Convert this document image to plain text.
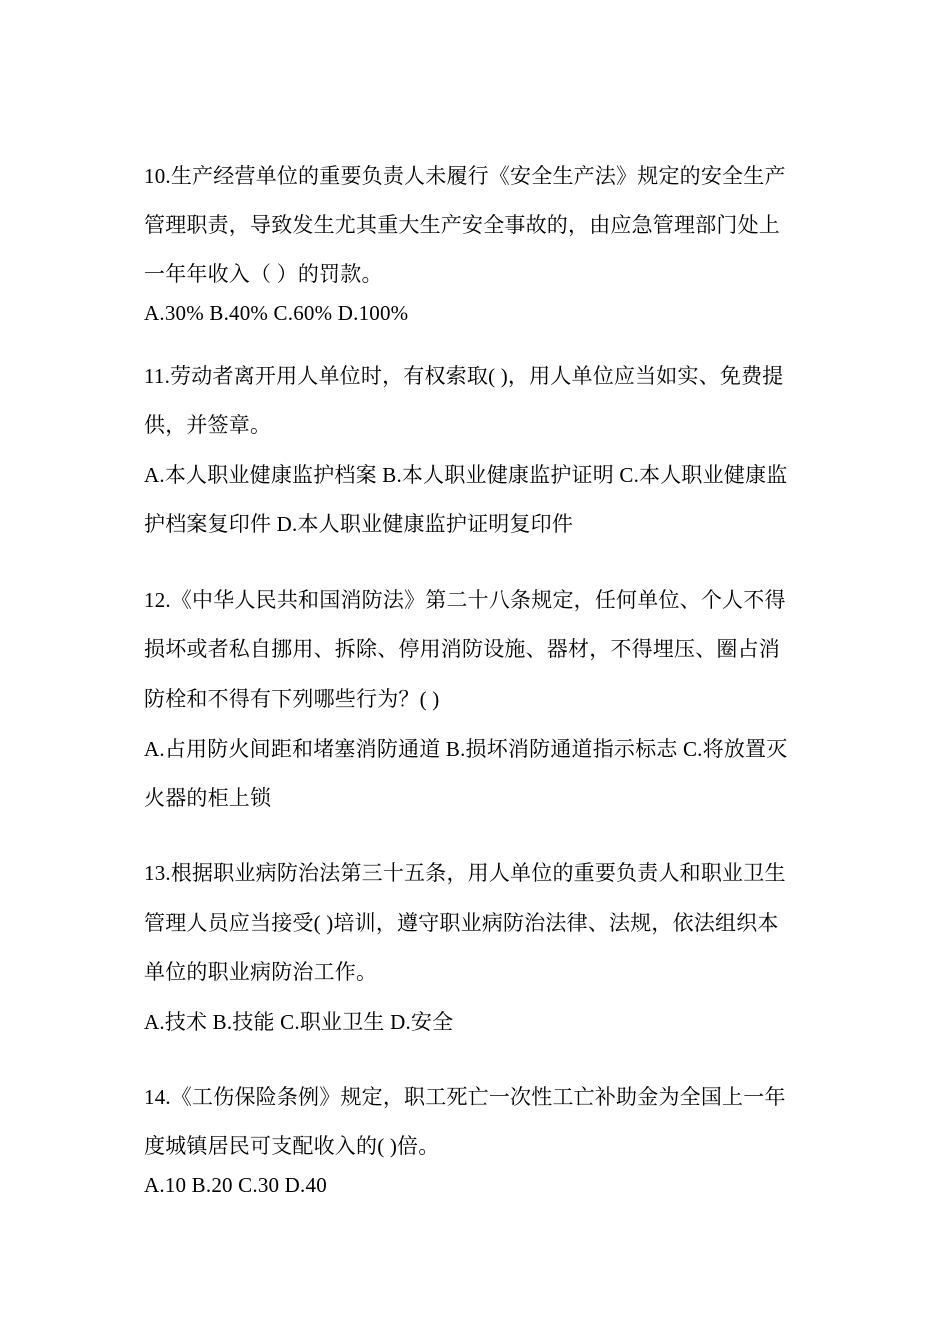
10.生产经营单位的重要负责人未履行《安全生产法》规定的安全生产
管理职责，导致发生尤其重大生产安全事故的，由应急管理部门处上
一年年收入（ ）的罚款。
A.30% B.40% C.60% D.100%
11.劳动者离开用人单位时，有权索取( )，用人单位应当如实、免费提
供，并签章。
A.本人职业健康监护档案 B.本人职业健康监护证明 C.本人职业健康监
护档案复印件 D.本人职业健康监护证明复印件
12.《中华人民共和国消防法》第二十八条规定，任何单位、个人不得
损坏或者私自挪用、拆除、停用消防设施、器材，不得埋压、圈占消
防栓和不得有下列哪些行为？( )
A.占用防火间距和堵塞消防通道 B.损坏消防通道指示标志 C.将放置灭
火器的柜上锁
13.根据职业病防治法第三十五条，用人单位的重要负责人和职业卫生
管理人员应当接受( )培训，遵守职业病防治法律、法规，依法组织本
单位的职业病防治工作。
A.技术 B.技能 C.职业卫生 D.安全
14.《工伤保险条例》规定，职工死亡一次性工亡补助金为全国上一年
度城镇居民可支配收入的( )倍。
A.10 B.20 C.30 D.40
